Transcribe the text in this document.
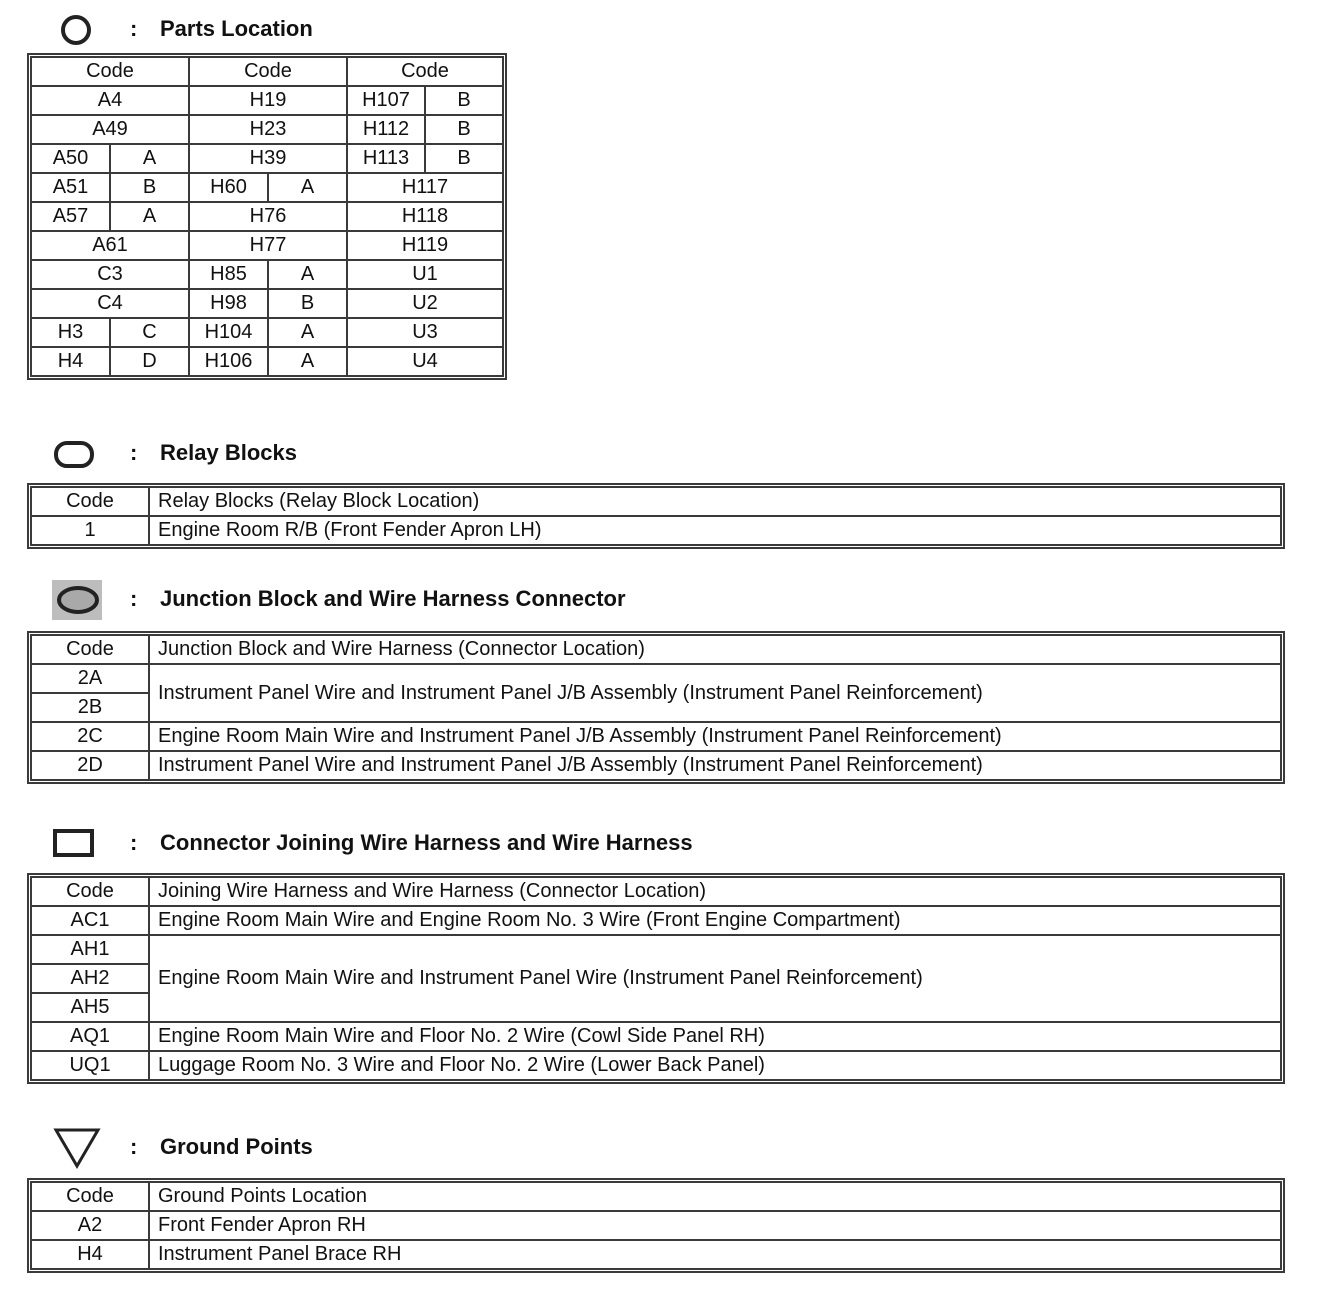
: Parts Location
Code		Code		Code	
A4		H19		H107	B
A49		H23		H112	B
A50	A	H39		H113	B
A51	B	H60	A	H117	
A57	A	H76		H118	
A61		H77		H119	
C3		H85	A	U1	
C4		H98	B	U2	
H3	C	H104	A	U3	
H4	D	H106	A	U4	
: Relay Blocks
Code	Relay Blocks (Relay Block Location)
1	Engine Room R/B (Front Fender Apron LH)
: Junction Block and Wire Harness Connector
Code	Junction Block and Wire Harness (Connector Location)
2A	Instrument Panel Wire and Instrument Panel J/B Assembly (Instrument Panel Reinforcement)
2B	
2C	Engine Room Main Wire and Instrument Panel J/B Assembly (Instrument Panel Reinforcement)
2D	Instrument Panel Wire and Instrument Panel J/B Assembly (Instrument Panel Reinforcement)
: Connector Joining Wire Harness and Wire Harness
Code	Joining Wire Harness and Wire Harness (Connector Location)
AC1	Engine Room Main Wire and Engine Room No. 3 Wire (Front Engine Compartment)
AH1	Engine Room Main Wire and Instrument Panel Wire (Instrument Panel Reinforcement)
AH2	
AH5	
AQ1	Engine Room Main Wire and Floor No. 2 Wire (Cowl Side Panel RH)
UQ1	Luggage Room No. 3 Wire and Floor No. 2 Wire (Lower Back Panel)
: Ground Points
Code	Ground Points Location
A2	Front Fender Apron RH
H4	Instrument Panel Brace RH
